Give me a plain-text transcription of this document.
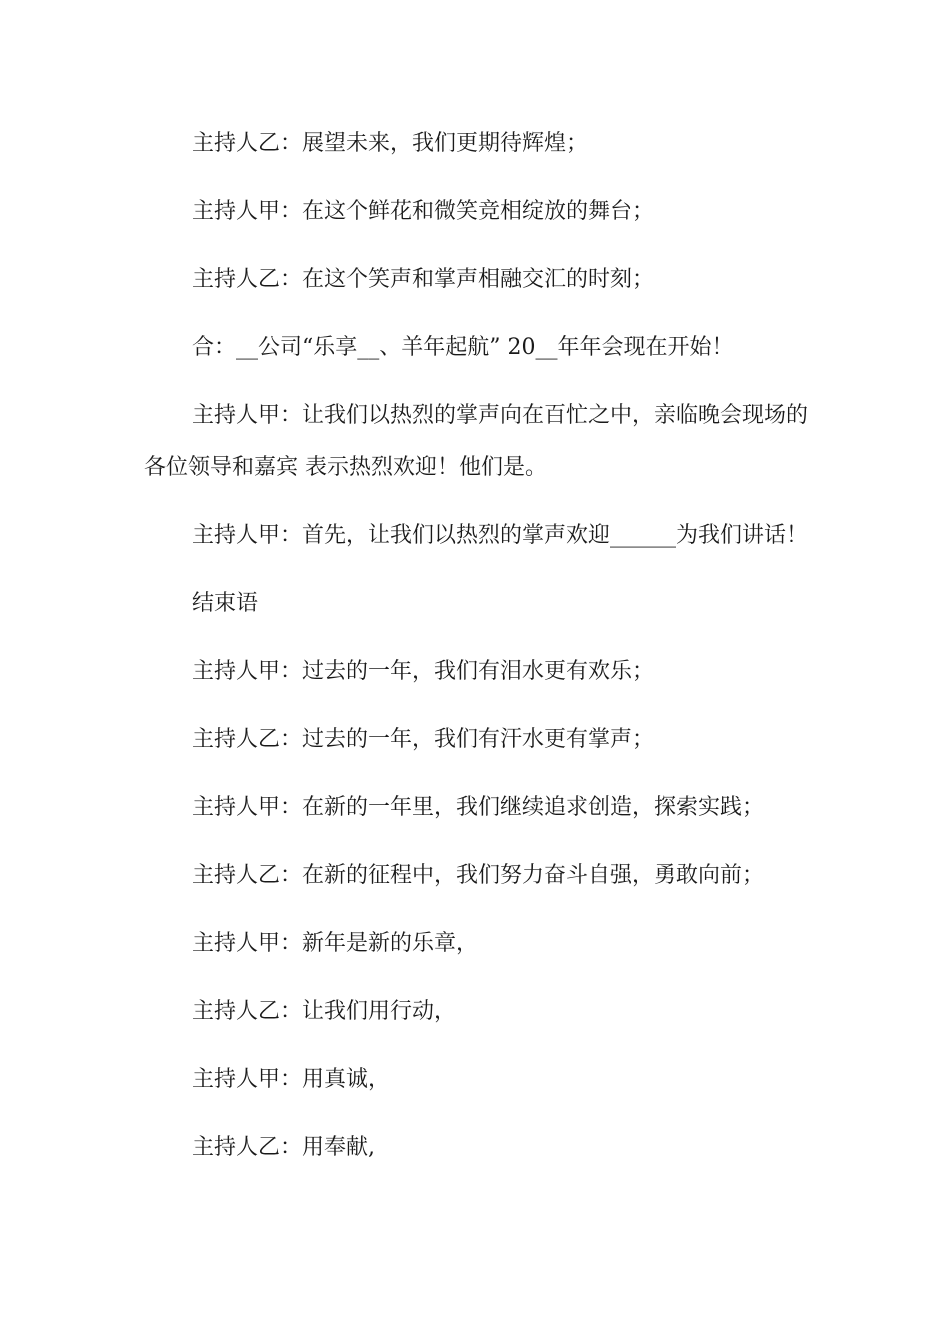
主持人乙：展望未来，我们更期待辉煌；

主持人甲：在这个鲜花和微笑竞相绽放的舞台；

主持人乙：在这个笑声和掌声相融交汇的时刻；

合：__公司“乐享__、羊年起航” 20__年年会现在开始！

主持人甲：让我们以热烈的掌声向在百忙之中，亲临晚会现场的各位领导和嘉宾 表示热烈欢迎！他们是。

主持人甲：首先，让我们以热烈的掌声欢迎______为我们讲话！

结束语

主持人甲：过去的一年，我们有泪水更有欢乐；

主持人乙：过去的一年，我们有汗水更有掌声；

主持人甲：在新的一年里，我们继续追求创造，探索实践；

主持人乙：在新的征程中，我们努力奋斗自强，勇敢向前；

主持人甲：新年是新的乐章，

主持人乙：让我们用行动，

主持人甲：用真诚，

主持人乙：用奉献,
